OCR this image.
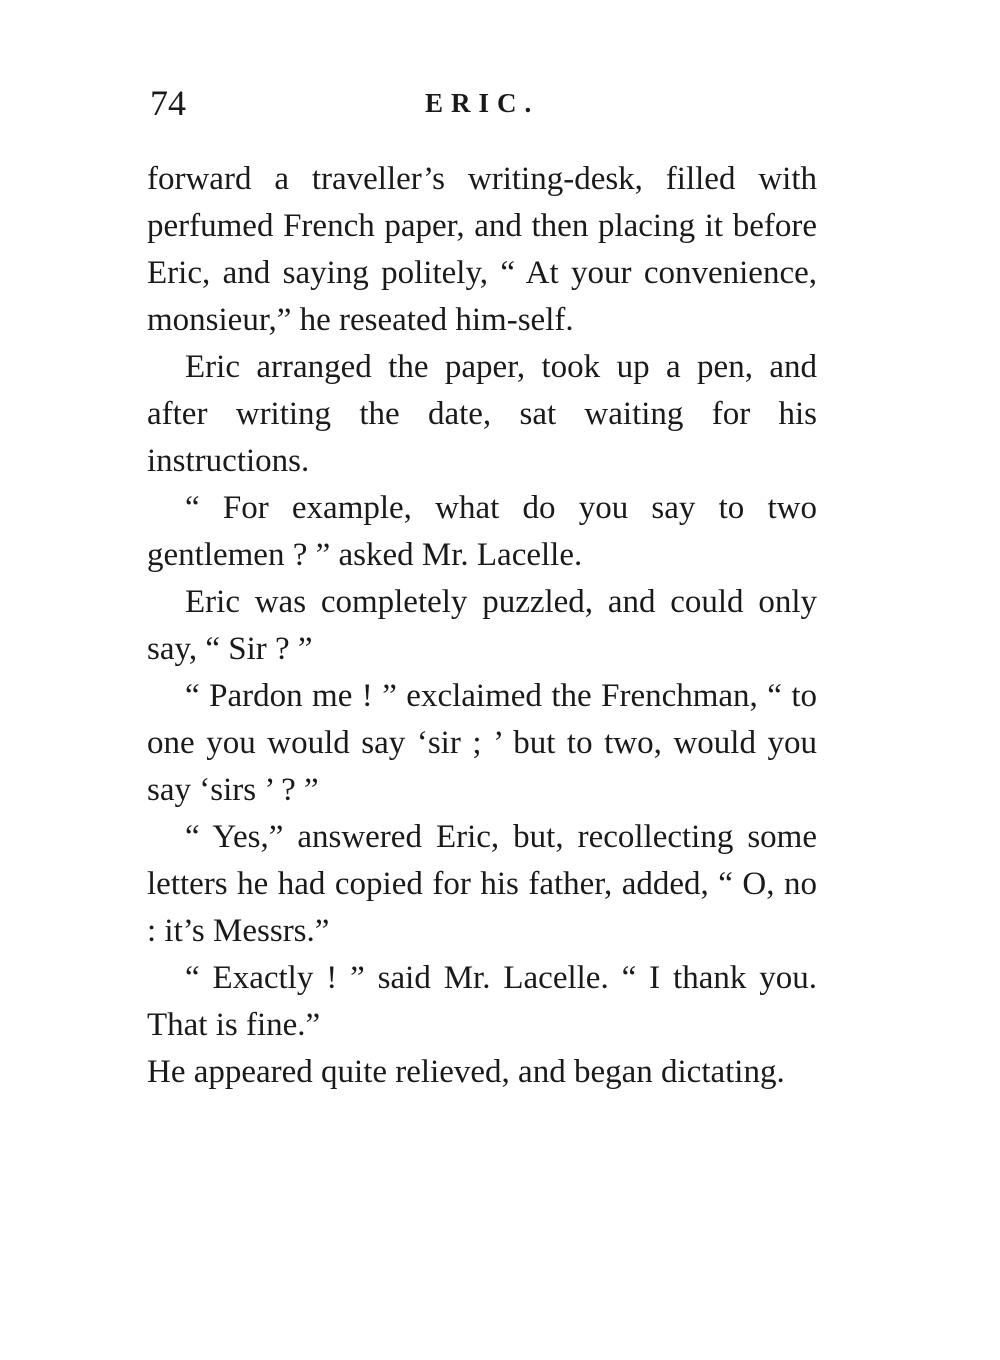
74	ERIC.

forward a traveller’s writing-desk, filled with perfumed French paper, and then placing it before Eric, and saying politely, “ At your convenience, monsieur,” he reseated him-self.

Eric arranged the paper, took up a pen, and after writing the date, sat waiting for his instructions.

“ For example, what do you say to two gentlemen ? ” asked Mr. Lacelle.

Eric was completely puzzled, and could only say, “ Sir ? ”

“ Pardon me ! ” exclaimed the Frenchman, “ to one you would say ‘sir ; ’ but to two, would you say ‘sirs ’ ? ”

“ Yes,” answered Eric, but, recollecting some letters he had copied for his father, added, “ O, no : it’s Messrs.”

“ Exactly ! ” said Mr. Lacelle. “ I thank you. That is fine.”

He appeared quite relieved, and began dictating.
